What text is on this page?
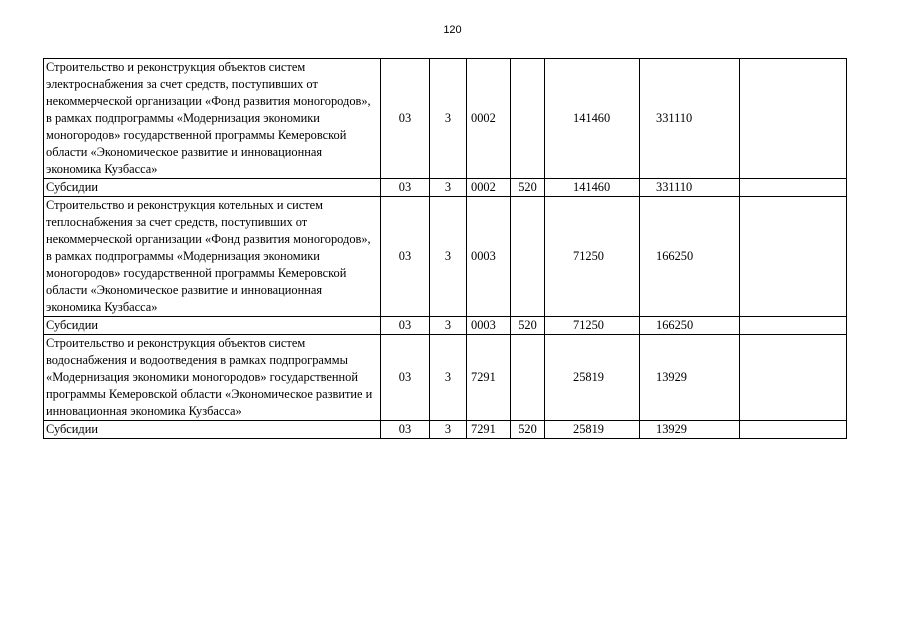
120
Строительство и реконструкция объектов систем электроснабжения за счет средств, поступивших от некоммерческой организации «Фонд развития моногородов», в рамках подпрограммы «Модернизация экономики моногородов» государственной программы Кемеровской области «Экономическое развитие и инновационная экономика Кузбасса»	03	3	0002		141460	331110	
Субсидии	03	3	0002	520	141460	331110	
Строительство и реконструкция котельных и систем теплоснабжения за счет средств, поступивших от некоммерческой организации «Фонд развития моногородов», в рамках подпрограммы «Модернизация экономики моногородов» государственной программы Кемеровской области «Экономическое развитие и инновационная экономика Кузбасса»	03	3	0003		71250	166250	
Субсидии	03	3	0003	520	71250	166250	
Строительство и реконструкция объектов систем водоснабжения и водоотведения в рамках подпрограммы «Модернизация экономики моногородов» государственной программы Кемеровской области «Экономическое развитие и инновационная экономика Кузбасса»	03	3	7291		25819	13929	
Субсидии	03	3	7291	520	25819	13929	
